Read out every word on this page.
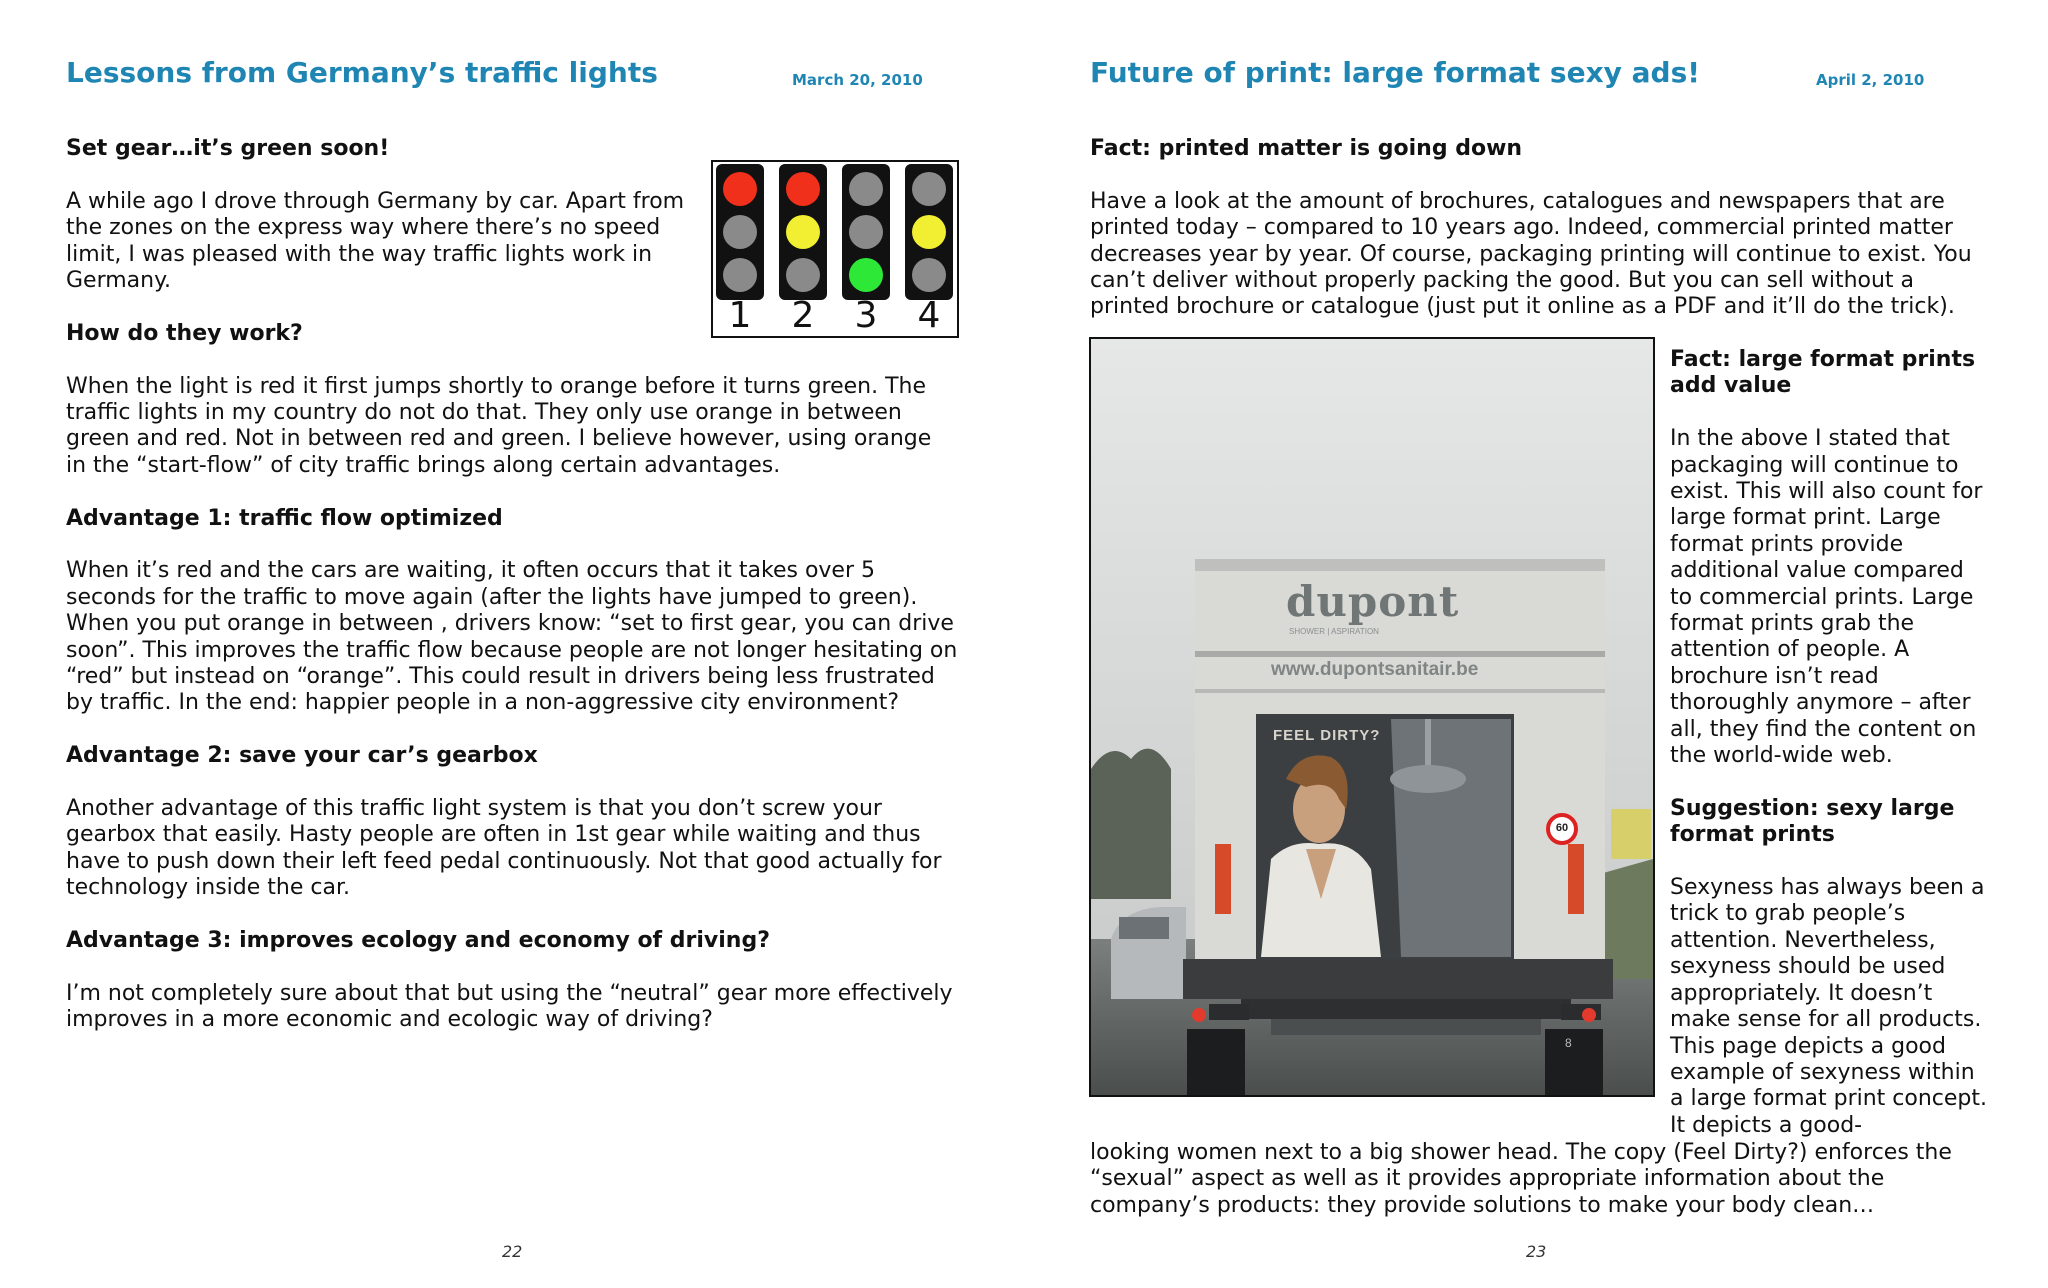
Lessons from Germany’s traffic lights	March 20, 2010

Set gear…it’s green soon!

A while ago I drove through Germany by car. Apart from the zones on the express way where there’s no speed limit, I was pleased with the way traffic lights work in Germany.

How do they work?

When the light is red it first jumps shortly to orange before it turns green. The traffic lights in my country do not do that. They only use orange in between green and red. Not in between red and green. I believe however, using orange in the “start-flow” of city traffic brings along certain advantages.

Advantage 1: traffic flow optimized

When it’s red and the cars are waiting, it often occurs that it takes over 5 seconds for the traffic to move again (after the lights have jumped to green). When you put orange in between , drivers know: “set to first gear, you can drive soon”. This improves the traffic flow because people are not longer hesitating on “red” but instead on “orange”. This could result in drivers being less frustrated by traffic. In the end: happier people in a non-aggressive city environment?

Advantage 2: save your car’s gearbox

Another advantage of this traffic light system is that you don’t screw your gearbox that easily. Hasty people are often in 1st gear while waiting and thus have to push down their left feed pedal continuously. Not that good actually for technology inside the car.

Advantage 3: improves ecology and economy of driving?

I’m not completely sure about that but using the “neutral” gear more effectively improves in a more economic and ecologic way of driving?

1	2	3	4
22
Future of print: large format sexy ads!	April 2, 2010

Fact: printed matter is going down

Have a look at the amount of brochures, catalogues and newspapers that are printed today – compared to 10 years ago. Indeed, commercial printed matter decreases year by year. Of course, packaging printing will continue to exist. You can’t deliver without properly packing the good. But you can sell without a printed brochure or catalogue (just put it online as a PDF and it’ll do the trick).

Fact: large format prints add value

In the above I stated that packaging will continue to exist. This will also count for large format print. Large format prints provide additional value compared to commercial prints. Large format prints grab the attention of people. A brochure isn’t read thoroughly anymore – after all, they find the content on the world-wide web.

Suggestion: sexy large format prints

Sexyness has always been a trick to grab people’s attention. Nevertheless, sexyness should be used appropriately. It doesn’t make sense for all products. This page depicts a good example of sexyness within a large format print concept. It depicts a good-

looking women next to a big shower head. The copy (Feel Dirty?) enforces the “sexual” aspect as well as it provides appropriate information about the company’s products: they provide solutions to make your body clean…

23
dupont
SHOWER | ASPIRATION
www.dupontsanitair.be
FEEL DIRTY?
60
8
